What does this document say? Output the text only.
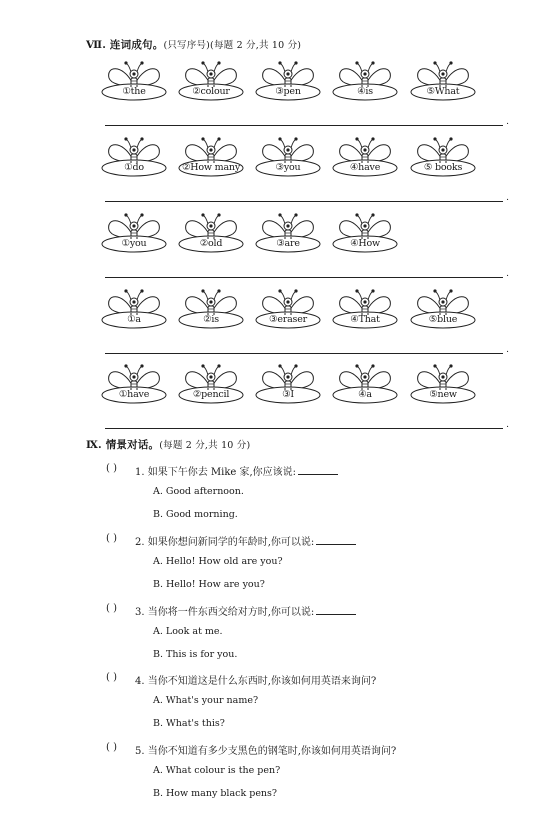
Ⅶ. 连词成句。(只写序号)(每题 2 分,共 10 分)
①the	②colour	③pen	④is	⑤What
.
①do	②How many	③you	④have	⑤ books
.
①you	②old	③are	④How
.
①a	②is	③eraser	④That	⑤blue
.
①have	②pencil	③I	④a	⑤new
.
Ⅸ. 情景对话。(每题 2 分,共 10 分)
( ) 1. 如果下午你去 Mike 家,你应该说:
A. Good afternoon.
B. Good morning.
( ) 2. 如果你想问新同学的年龄时,你可以说:
A. Hello! How old are you?
B. Hello! How are you?
( ) 3. 当你将一件东西交给对方时,你可以说:
A. Look at me.
B. This is for you.
( ) 4. 当你不知道这是什么东西时,你该如何用英语来询问?
A. What's your name?
B. What's this?
( ) 5. 当你不知道有多少支黑色的钢笔时,你该如何用英语询问?
A. What colour is the pen?
B. How many black pens?
